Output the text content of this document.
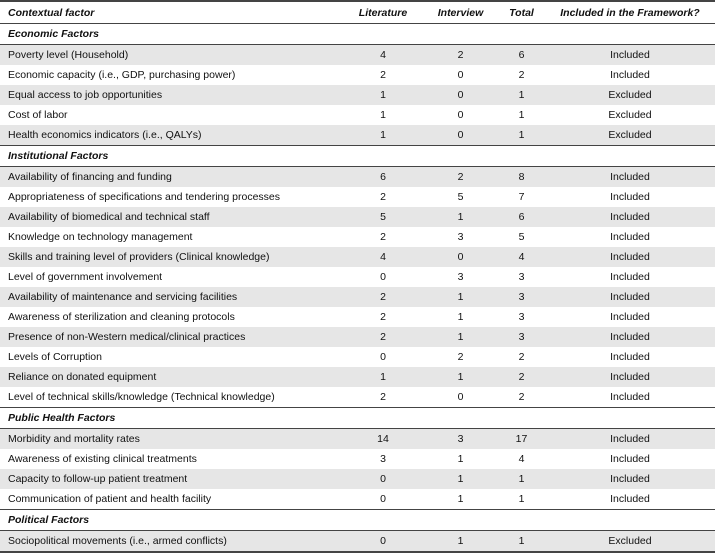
Contextual factor	Literature	Interview	Total	Included in the Framework?
Economic Factors				
Poverty level (Household)	4	2	6	Included
Economic capacity (i.e., GDP, purchasing power)	2	0	2	Included
Equal access to job opportunities	1	0	1	Excluded
Cost of labor	1	0	1	Excluded
Health economics indicators (i.e., QALYs)	1	0	1	Excluded
Institutional Factors				
Availability of financing and funding	6	2	8	Included
Appropriateness of specifications and tendering processes	2	5	7	Included
Availability of biomedical and technical staff	5	1	6	Included
Knowledge on technology management	2	3	5	Included
Skills and training level of providers (Clinical knowledge)	4	0	4	Included
Level of government involvement	0	3	3	Included
Availability of maintenance and servicing facilities	2	1	3	Included
Awareness of sterilization and cleaning protocols	2	1	3	Included
Presence of non-Western medical/clinical practices	2	1	3	Included
Levels of Corruption	0	2	2	Included
Reliance on donated equipment	1	1	2	Included
Level of technical skills/knowledge (Technical knowledge)	2	0	2	Included
Public Health Factors				
Morbidity and mortality rates	14	3	17	Included
Awareness of existing clinical treatments	3	1	4	Included
Capacity to follow-up patient treatment	0	1	1	Included
Communication of patient and health facility	0	1	1	Included
Political Factors				
Sociopolitical movements (i.e., armed conflicts)	0	1	1	Excluded
